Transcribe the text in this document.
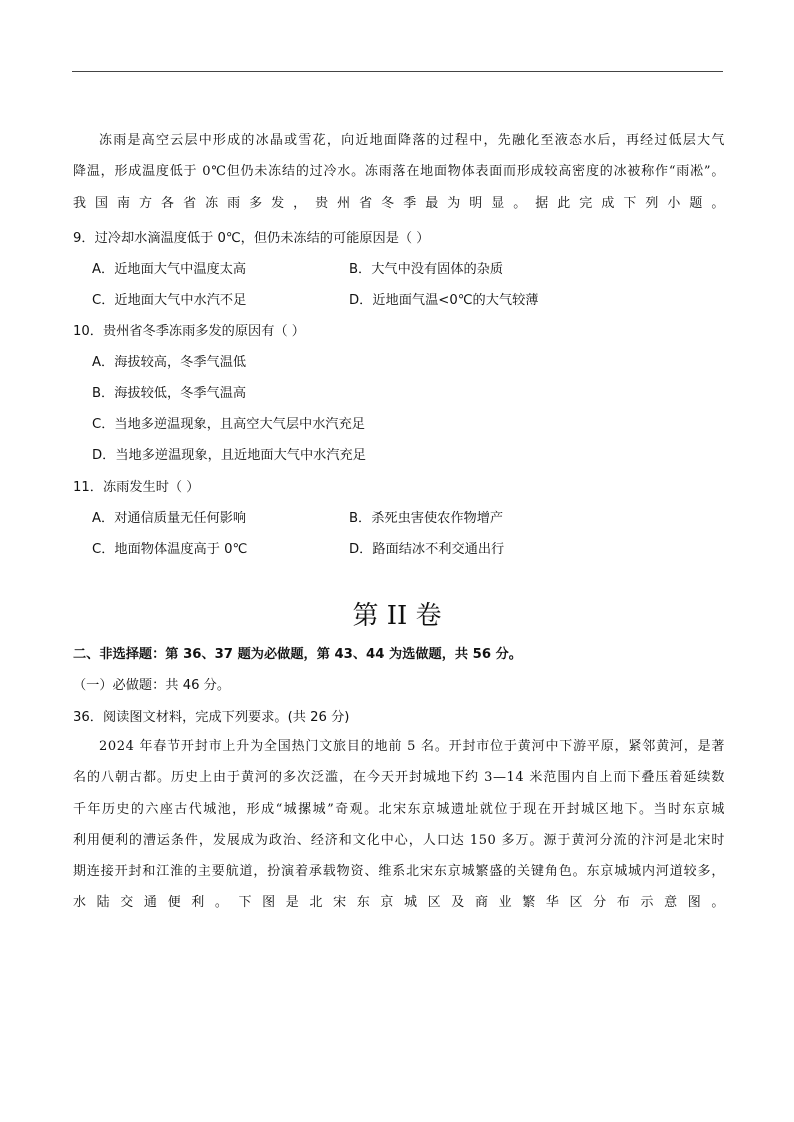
冻雨是高空云层中形成的冰晶或雪花，向近地面降落的过程中，先融化至液态水后，再经过低层大气
降温，形成温度低于 0℃但仍未冻结的过冷水。冻雨落在地面物体表面而形成较高密度的冰被称作“雨凇”。
我国南方各省冻雨多发，贵州省冬季最为明显。据此完成下列小题。

9．过冷却水滴温度低于 0℃，但仍未冻结的可能原因是（ ）

A．近地面大气中温度太高	B．大气中没有固体的杂质

C．近地面大气中水汽不足	D．近地面气温<0℃的大气较薄

10．贵州省冬季冻雨多发的原因有（ ）

A．海拔较高，冬季气温低

B．海拔较低，冬季气温高

C．当地多逆温现象，且高空大气层中水汽充足

D．当地多逆温现象，且近地面大气中水汽充足

11．冻雨发生时（ ）

A．对通信质量无任何影响	B．杀死虫害使农作物增产

C．地面物体温度高于 0℃	D．路面结冰不利交通出行

第 II 卷

二、非选择题：第 36、37 题为必做题，第 43、44 为选做题，共 56 分。

（一）必做题：共 46 分。

36．阅读图文材料，完成下列要求。(共 26 分)

2024 年春节开封市上升为全国热门文旅目的地前 5 名。开封市位于黄河中下游平原，紧邻黄河，是著
名的八朝古都。历史上由于黄河的多次泛滥，在今天开封城地下约 3—14 米范围内自上而下叠压着延续数
千年历史的六座古代城池，形成“城摞城”奇观。北宋东京城遗址就位于现在开封城区地下。当时东京城
利用便利的漕运条件，发展成为政治、经济和文化中心，人口达 150 多万。源于黄河分流的汴河是北宋时
期连接开封和江淮的主要航道，扮演着承载物资、维系北宋东京城繁盛的关键角色。东京城城内河道较多，
水陆交通便利。下图是北宋东京城区及商业繁华区分布示意图。
